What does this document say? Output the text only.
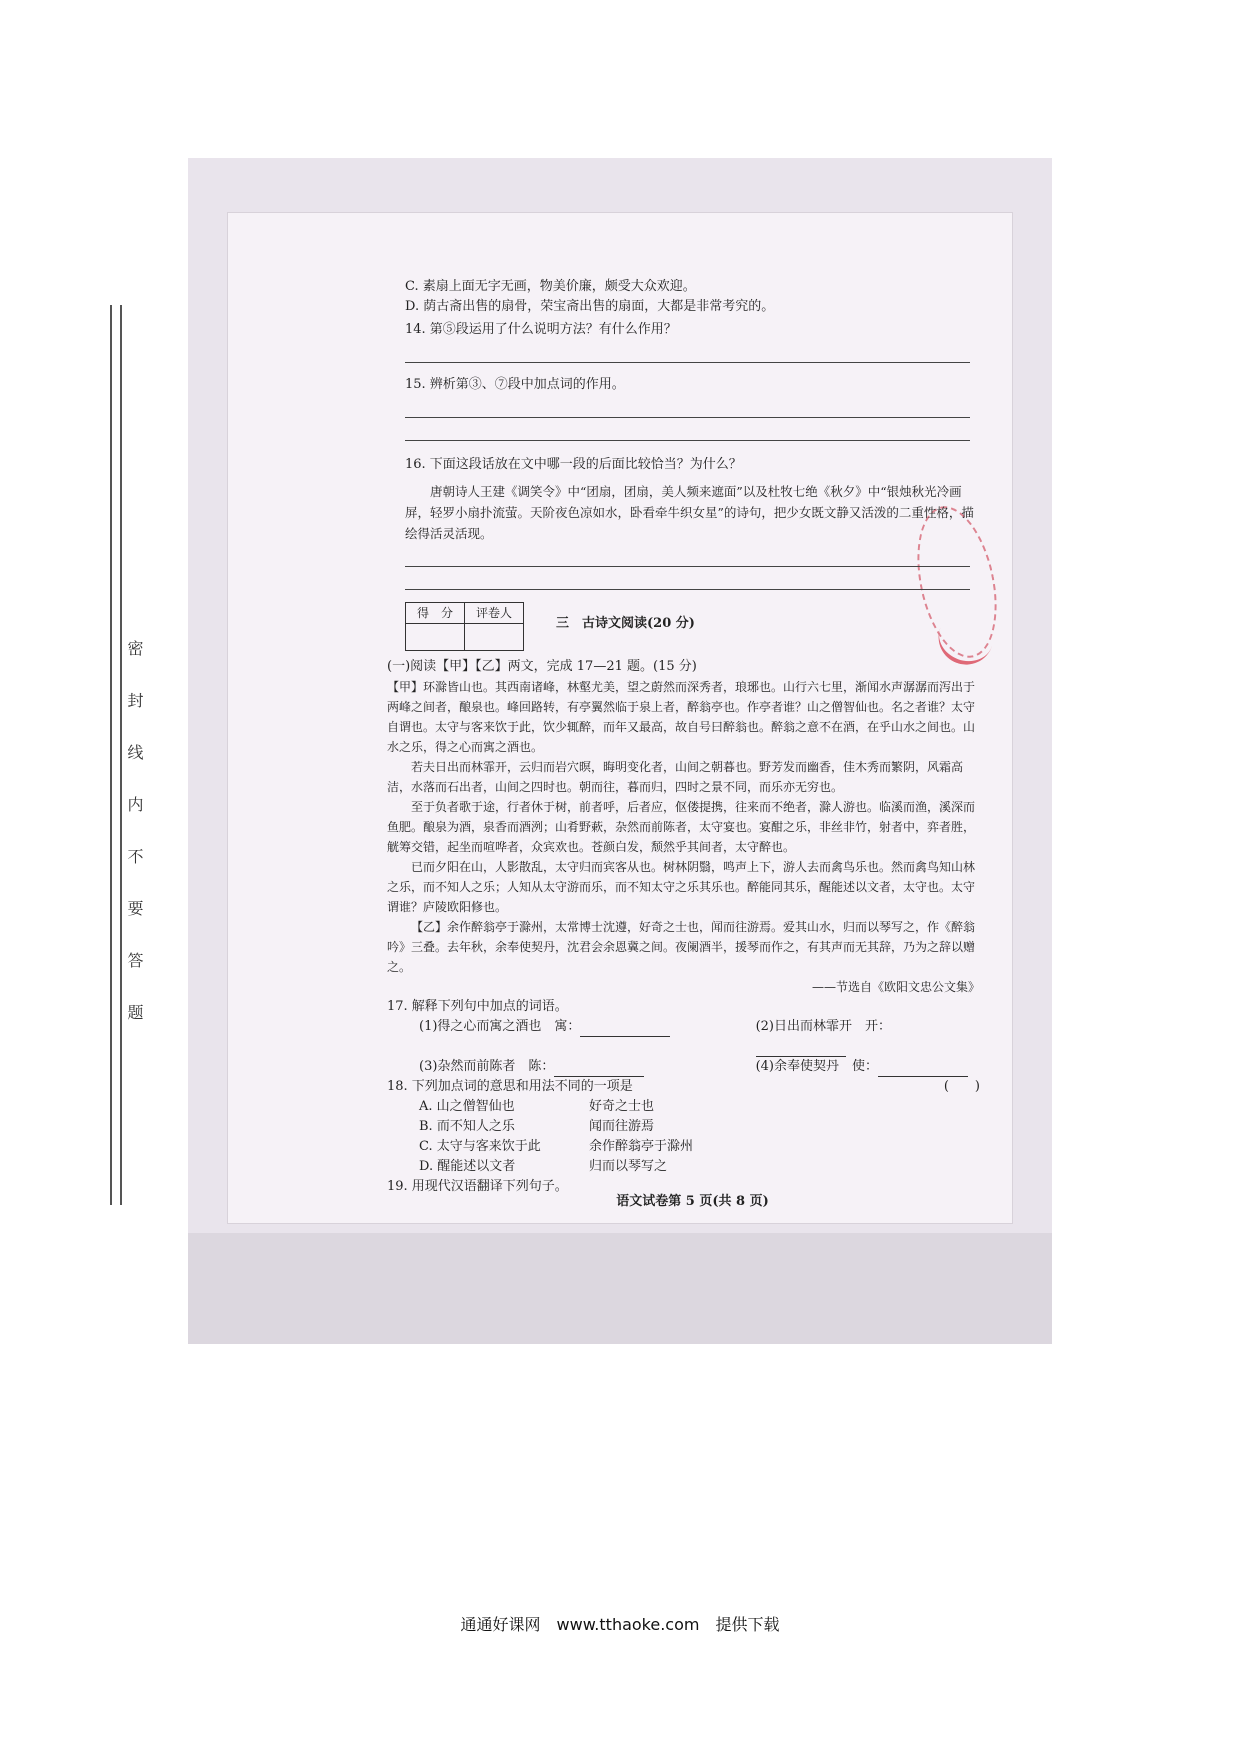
密　封　线　内　不　要　答　题
C. 素扇上面无字无画，物美价廉，颇受大众欢迎。
D. 荫古斋出售的扇骨，荣宝斋出售的扇面，大都是非常考究的。
14. 第⑤段运用了什么说明方法？有什么作用？
15. 辨析第③、⑦段中加点词的作用。
16. 下面这段话放在文中哪一段的后面比较恰当？为什么？
唐朝诗人王建《调笑令》中“团扇，团扇，美人频来遮面”以及杜牧七绝《秋夕》中“银烛秋光冷画屏，轻罗小扇扑流萤。天阶夜色凉如水，卧看牵牛织女星”的诗句，把少女既文静又活泼的二重性格，描绘得活灵活现。
得　分	评卷人

三　古诗文阅读(20 分)
(一)阅读【甲】【乙】两文，完成 17—21 题。(15 分)

【甲】环滁皆山也。其西南诸峰，林壑尤美，望之蔚然而深秀者，琅琊也。山行六七里，渐闻水声潺潺而泻出于两峰之间者，酿泉也。峰回路转，有亭翼然临于泉上者，醉翁亭也。作亭者谁？山之僧智仙也。名之者谁？太守自谓也。太守与客来饮于此，饮少辄醉，而年又最高，故自号曰醉翁也。醉翁之意不在酒，在乎山水之间也。山水之乐，得之心而寓之酒也。

若夫日出而林霏开，云归而岩穴暝，晦明变化者，山间之朝暮也。野芳发而幽香，佳木秀而繁阴，风霜高洁，水落而石出者，山间之四时也。朝而往，暮而归，四时之景不同，而乐亦无穷也。

至于负者歌于途，行者休于树，前者呼，后者应，伛偻提携，往来而不绝者，滁人游也。临溪而渔，溪深而鱼肥。酿泉为酒，泉香而酒洌；山肴野蔌，杂然而前陈者，太守宴也。宴酣之乐，非丝非竹，射者中，弈者胜，觥筹交错，起坐而喧哗者，众宾欢也。苍颜白发，颓然乎其间者，太守醉也。

已而夕阳在山，人影散乱，太守归而宾客从也。树林阴翳，鸣声上下，游人去而禽鸟乐也。然而禽鸟知山林之乐，而不知人之乐；人知从太守游而乐，而不知太守之乐其乐也。醉能同其乐，醒能述以文者，太守也。太守谓谁？庐陵欧阳修也。

【乙】余作醉翁亭于滁州，太常博士沈遵，好奇之士也，闻而往游焉。爱其山水，归而以琴写之，作《醉翁吟》三叠。去年秋，余奉使契丹，沈君会余恩冀之间。夜阑酒半，援琴而作之，有其声而无其辞，乃为之辞以赠之。

——节选自《欧阳文忠公文集》
17. 解释下列句中加点的词语。
(1)得之心而寓之酒也　寓：	(2)日出而林霏开　开：
(3)杂然而前陈者　陈：	(4)余奉使契丹　使：
18. 下列加点词的意思和用法不同的一项是	(　　)
A. 山之僧智仙也	好奇之士也
B. 而不知人之乐	闻而往游焉
C. 太守与客来饮于此	余作醉翁亭于滁州
D. 醒能述以文者	归而以琴写之
19. 用现代汉语翻译下列句子。
语文试卷第 5 页(共 8 页)
通通好课网　www.tthaoke.com　提供下载
